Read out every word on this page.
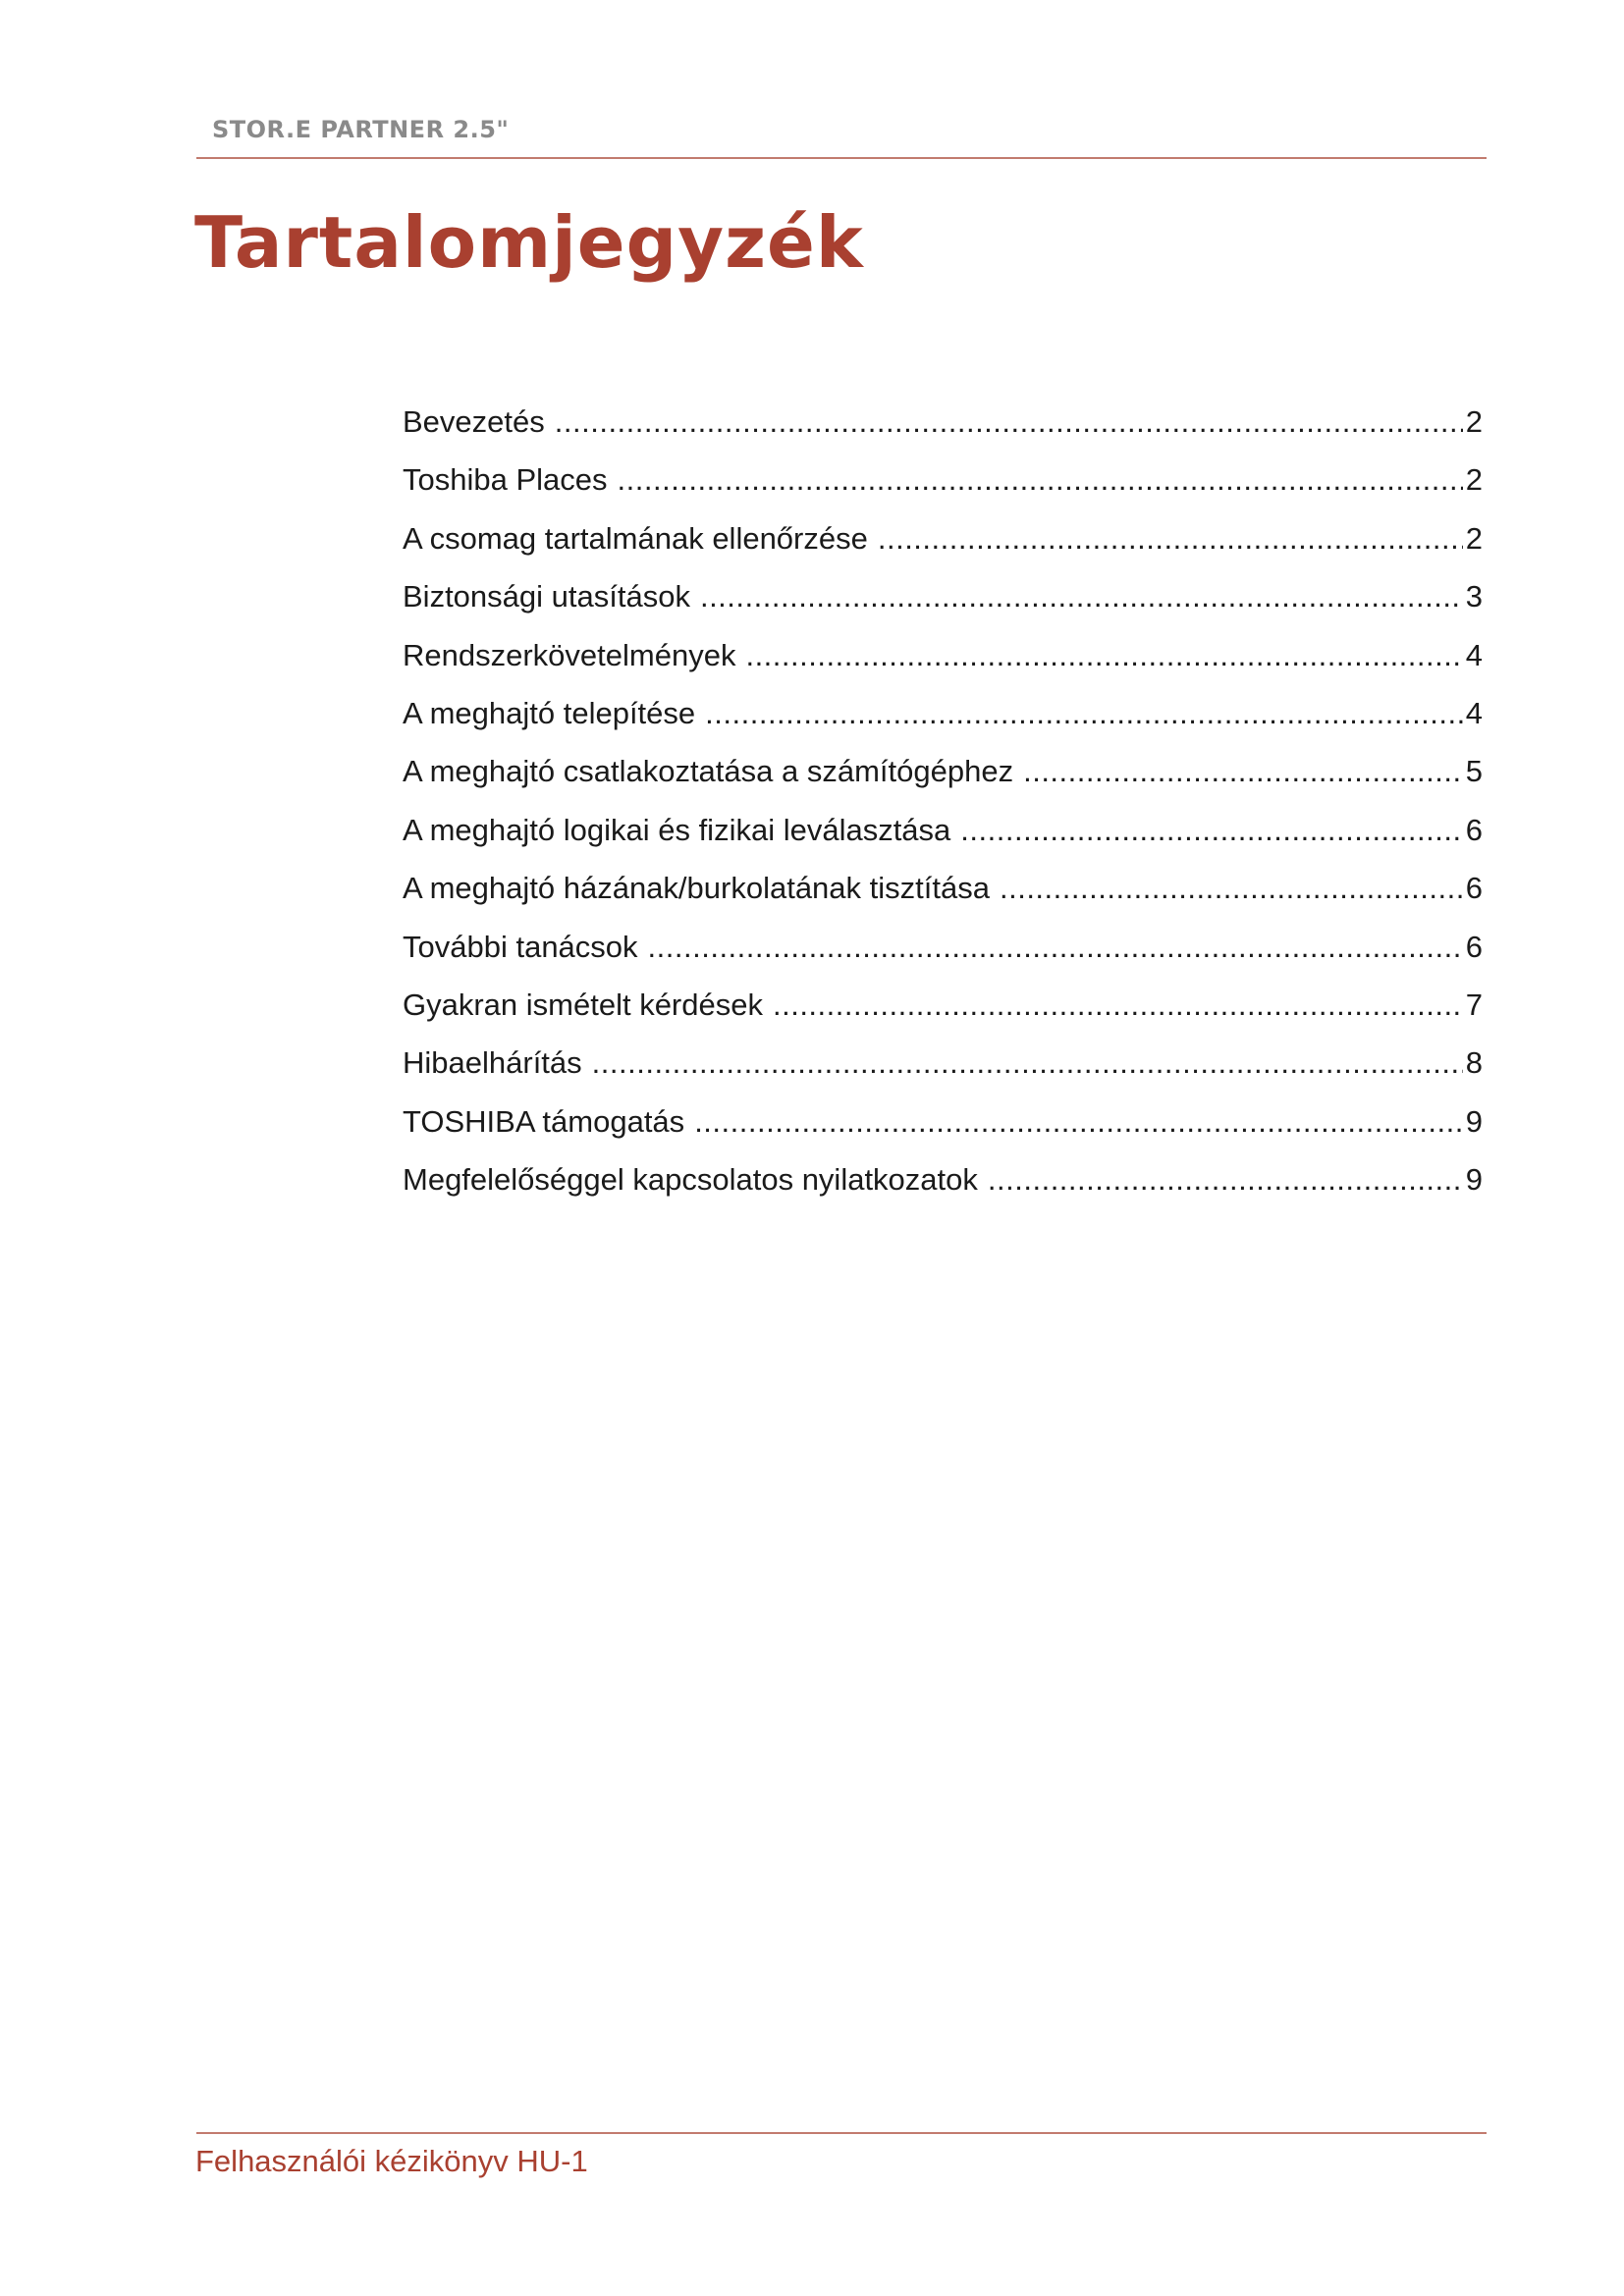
STOR.E PARTNER 2.5"
Tartalomjegyzék
Bevezetés .....	2
Toshiba Places .....	2
A csomag tartalmának ellenőrzése .....	2
Biztonsági utasítások .....	3
Rendszerkövetelmények .....	4
A meghajtó telepítése .....	4
A meghajtó csatlakoztatása a számítógéphez .....	5
A meghajtó logikai és fizikai leválasztása .....	6
A meghajtó házának/burkolatának tisztítása .....	6
További tanácsok .....	6
Gyakran ismételt kérdések .....	7
Hibaelhárítás .....	8
TOSHIBA támogatás .....	9
Megfelelőséggel kapcsolatos nyilatkozatok .....	9
Felhasználói kézikönyv HU-1
